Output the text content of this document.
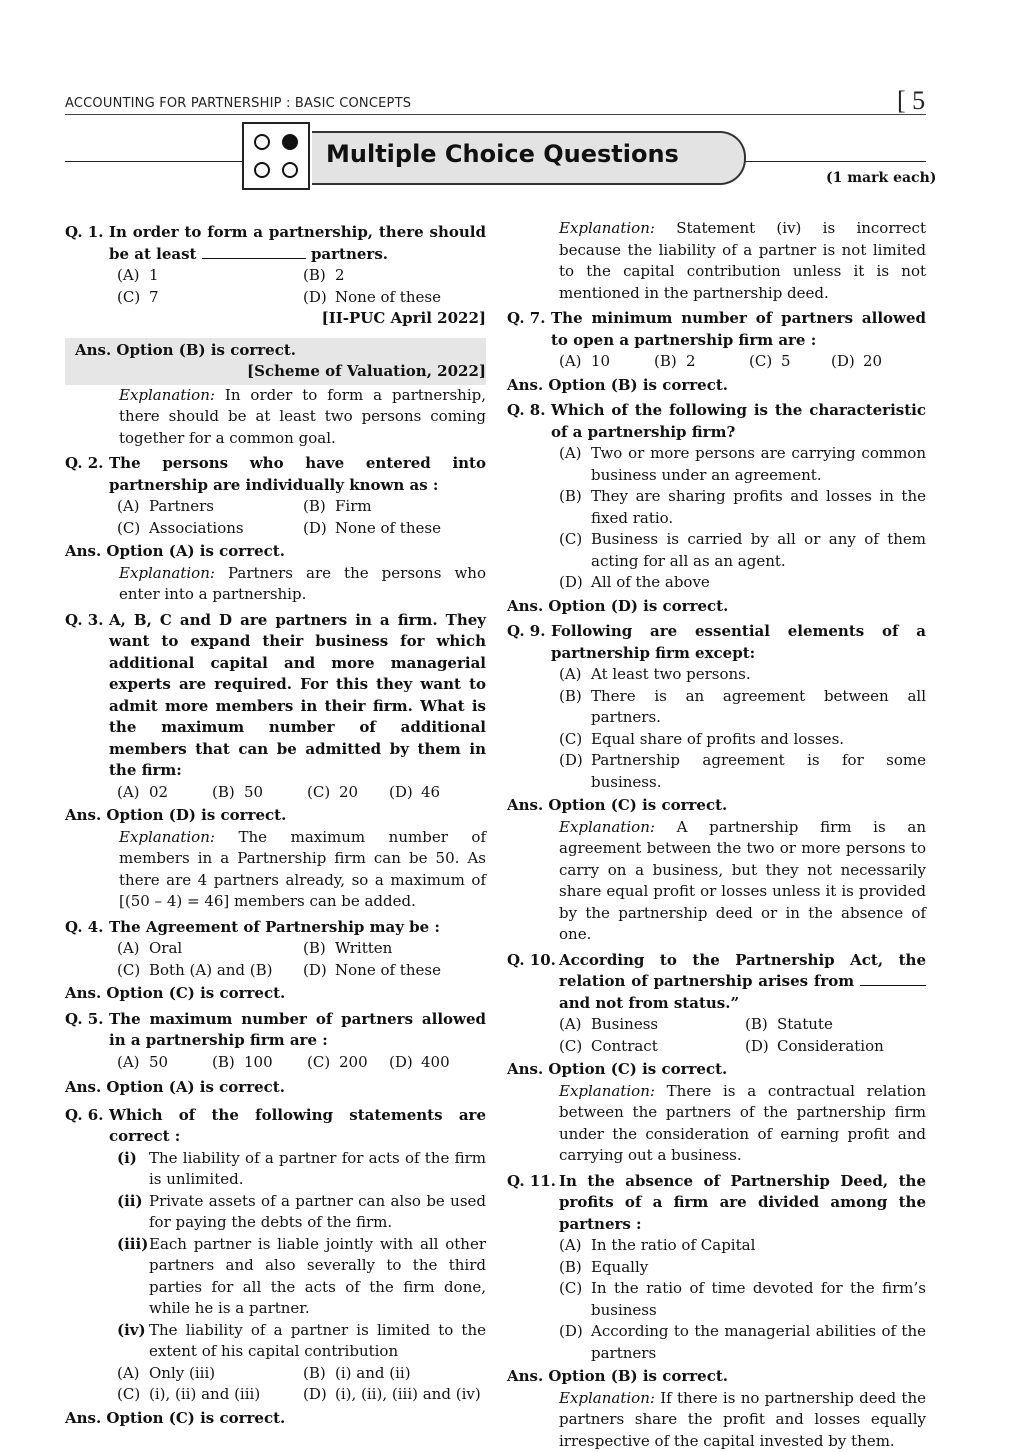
ACCOUNTING FOR PARTNERSHIP : BASIC CONCEPTS	[ 5
Multiple Choice Questions
(1 mark each)
Q. 1. In order to form a partnership, there should be at least	partners.
(A) 1	(B) 2
(C) 7	(D) None of these
[II-PUC April 2022]
Ans. Option (B) is correct.
[Scheme of Valuation, 2022]
Explanation: In order to form a partnership, there should be at least two persons coming together for a common goal.
Q. 2. The persons who have entered into partnership are individually known as :
(A) Partners	(B) Firm
(C) Associations	(D) None of these
Ans. Option (A) is correct.
Explanation: Partners are the persons who enter into a partnership.
Q. 3. A, B, C and D are partners in a firm. They want to expand their business for which additional capital and more managerial experts are required. For this they want to admit more members in their firm. What is the maximum number of additional members that can be admitted by them in the firm:
(A) 02	(B) 50	(C) 20 (D) 46
Ans. Option (D) is correct.
Explanation: The maximum number of members in a Partnership firm can be 50. As there are 4 partners already, so a maximum of [(50 – 4) = 46] members can be added.
Q. 4. The Agreement of Partnership may be :
(A) Oral	(B) Written
(C) Both (A) and (B) (D) None of these
Ans. Option (C) is correct.
Q. 5. The maximum number of partners allowed in a partnership firm are :
(A) 50	(B) 100 (C) 200 (D) 400
Ans. Option (A) is correct.
Q. 6. Which of the following statements are correct :
(i) The liability of a partner for acts of the firm is unlimited.
(ii) Private assets of a partner can also be used for paying the debts of the firm.
(iii) Each partner is liable jointly with all other partners and also severally to the third parties for all the acts of the firm done, while he is a partner.
(iv) The liability of a partner is limited to the extent of his capital contribution
(A) Only (iii)	(B) (i) and (ii)
(C) (i), (ii) and (iii)	(D) (i), (ii), (iii) and (iv)
Ans. Option (C) is correct.
Explanation: Statement (iv) is incorrect because the liability of a partner is not limited to the capital contribution unless it is not mentioned in the partnership deed.
Q. 7. The minimum number of partners allowed to open a partnership firm are :
(A) 10	(B) 2	(C) 5	(D) 20
Ans. Option (B) is correct.
Q. 8. Which of the following is the characteristic of a partnership firm?
(A) Two or more persons are carrying common business under an agreement.
(B) They are sharing profits and losses in the fixed ratio.
(C) Business is carried by all or any of them acting for all as an agent.
(D) All of the above
Ans. Option (D) is correct.
Q. 9. Following are essential elements of a partnership firm except:
(A) At least two persons.
(B) There is an agreement between all partners.
(C) Equal share of profits and losses.
(D) Partnership agreement is for some business.
Ans. Option (C) is correct.
Explanation: A partnership firm is an agreement between the two or more persons to carry on a business, but they not necessarily share equal profit or losses unless it is provided by the partnership deed or in the absence of one.
Q. 10. According to the Partnership Act, the relation of partnership arises from  and not from status.”
(A) Business	(B) Statute
(C) Contract	(D) Consideration
Ans. Option (C) is correct.
Explanation: There is a contractual relation between the partners of the partnership firm under the consideration of earning profit and carrying out a business.
Q. 11. In the absence of Partnership Deed, the profits of a firm are divided among the partners :
(A) In the ratio of Capital
(B) Equally
(C) In the ratio of time devoted for the firm’s business
(D) According to the managerial abilities of the partners
Ans. Option (B) is correct.
Explanation: If there is no partnership deed the partners share the profit and losses equally irrespective of the capital invested by them.
